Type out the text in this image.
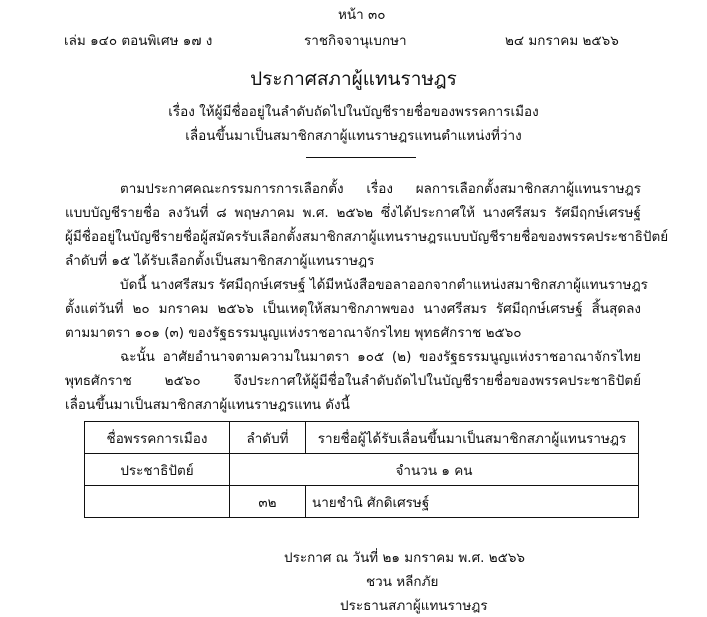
หน้า ๓๐
เล่ม ๑๔๐ ตอนพิเศษ ๑๗ ง	ราชกิจจานุเบกษา	๒๔ มกราคม ๒๕๖๖
ประกาศสภาผู้แทนราษฎร
เรื่อง ให้ผู้มีชื่ออยู่ในลำดับถัดไปในบัญชีรายชื่อของพรรคการเมือง
เลื่อนขึ้นมาเป็นสมาชิกสภาผู้แทนราษฎรแทนตำแหน่งที่ว่าง
ตามประกาศคณะกรรมการการเลือกตั้ง เรื่อง ผลการเลือกตั้งสมาชิกสภาผู้แทนราษฎร
แบบบัญชีรายชื่อ ลงวันที่ ๘ พฤษภาคม พ.ศ. ๒๕๖๒ ซึ่งได้ประกาศให้ นางศรีสมร รัศมีฤกษ์เศรษฐ์
ผู้มีชื่ออยู่ในบัญชีรายชื่อผู้สมัครรับเลือกตั้งสมาชิกสภาผู้แทนราษฎรแบบบัญชีรายชื่อของพรรคประชาธิปัตย์
ลำดับที่ ๑๕ ได้รับเลือกตั้งเป็นสมาชิกสภาผู้แทนราษฎร
บัดนี้ นางศรีสมร รัศมีฤกษ์เศรษฐ์ ได้มีหนังสือขอลาออกจากตำแหน่งสมาชิกสภาผู้แทนราษฎร
ตั้งแต่วันที่ ๒๐ มกราคม ๒๕๖๖ เป็นเหตุให้สมาชิกภาพของ นางศรีสมร รัศมีฤกษ์เศรษฐ์ สิ้นสุดลง
ตามมาตรา ๑๐๑ (๓) ของรัฐธรรมนูญแห่งราชอาณาจักรไทย พุทธศักราช ๒๕๖๐
ฉะนั้น อาศัยอำนาจตามความในมาตรา ๑๐๕ (๒) ของรัฐธรรมนูญแห่งราชอาณาจักรไทย
พุทธศักราช ๒๕๖๐ จึงประกาศให้ผู้มีชื่อในลำดับถัดไปในบัญชีรายชื่อของพรรคประชาธิปัตย์
เลื่อนขึ้นมาเป็นสมาชิกสภาผู้แทนราษฎรแทน ดังนี้
ชื่อพรรคการเมือง	ลำดับที่	รายชื่อผู้ได้รับเลื่อนขึ้นมาเป็นสมาชิกสภาผู้แทนราษฎร
ประชาธิปัตย์	จำนวน ๑ คน	
	๓๒	นายชำนิ ศักดิเศรษฐ์
ประกาศ ณ วันที่ ๒๑ มกราคม พ.ศ. ๒๕๖๖
ชวน หลีกภัย
ประธานสภาผู้แทนราษฎร
